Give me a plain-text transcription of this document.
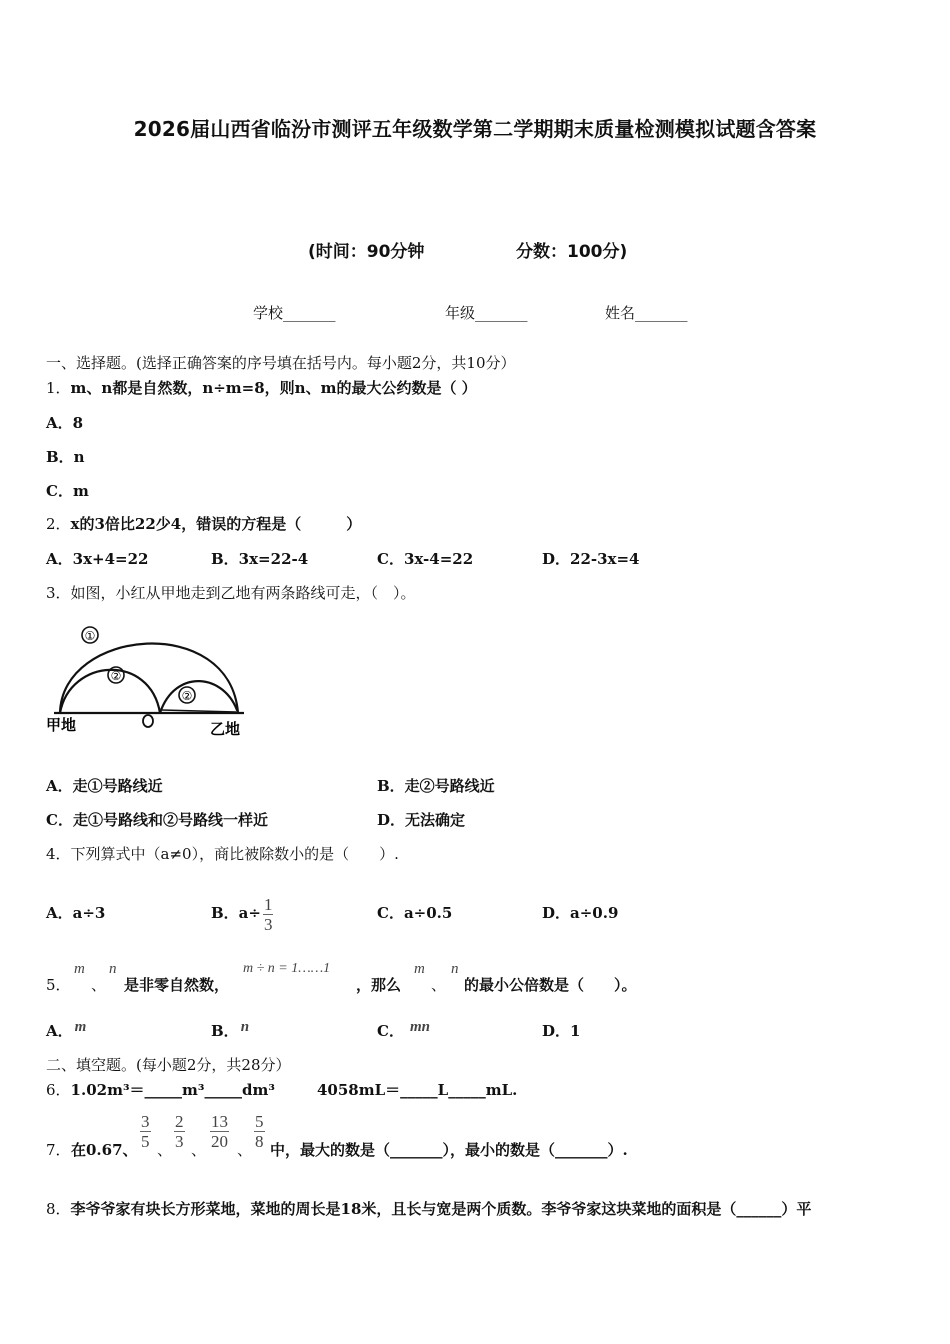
2026届山西省临汾市测评五年级数学第二学期期末质量检测模拟试题含答案
(时间：90分钟	分数：100分)
学校_______	年级_______	姓名_______
一、选择题。(选择正确答案的序号填在括号内。每小题2分，共10分）
1．m、n都是自然数，n÷m=8，则n、m的最大公约数是（ ）
A．8
B．n
C．m
2．x的3倍比22少4，错误的方程是（　　　）
A．3x+4=22	B．3x=22-4	C．3x-4=22	D．22-3x=4
3．如图，小红从甲地走到乙地有两条路线可走，（　）。
①
②
②
甲地	乙地
A．走①号路线近	B．走②号路线近
C．走①号路线和②号路线一样近	D．无法确定
4．下列算式中（a≠0），商比被除数小的是（　　）.
A．a÷3	B．$a\div \frac{1}{3}$	C．a÷0.5	D．a÷0.9
5．
m
、
n
是非零自然数，
m ÷ n = 1……1
，那么
m
、
n
的最小公倍数是（　　）。
A． m	B． n	C． mn	D．1
二、填空题。(每小题2分，共28分）
6．1.02m³＝_____m³_____dm³	4058mL＝_____L_____mL.
7． 在0.67、 $\frac{3}{5}$ 、 $\frac{2}{3}$ 、 $\frac{13}{20}$ 、 $\frac{5}{8}$ 中，最大的数是（_______），最小的数是（_______）.
8．李爷爷家有块长方形菜地，菜地的周长是18米，且长与宽是两个质数。李爷爷家这块菜地的面积是（______）平
